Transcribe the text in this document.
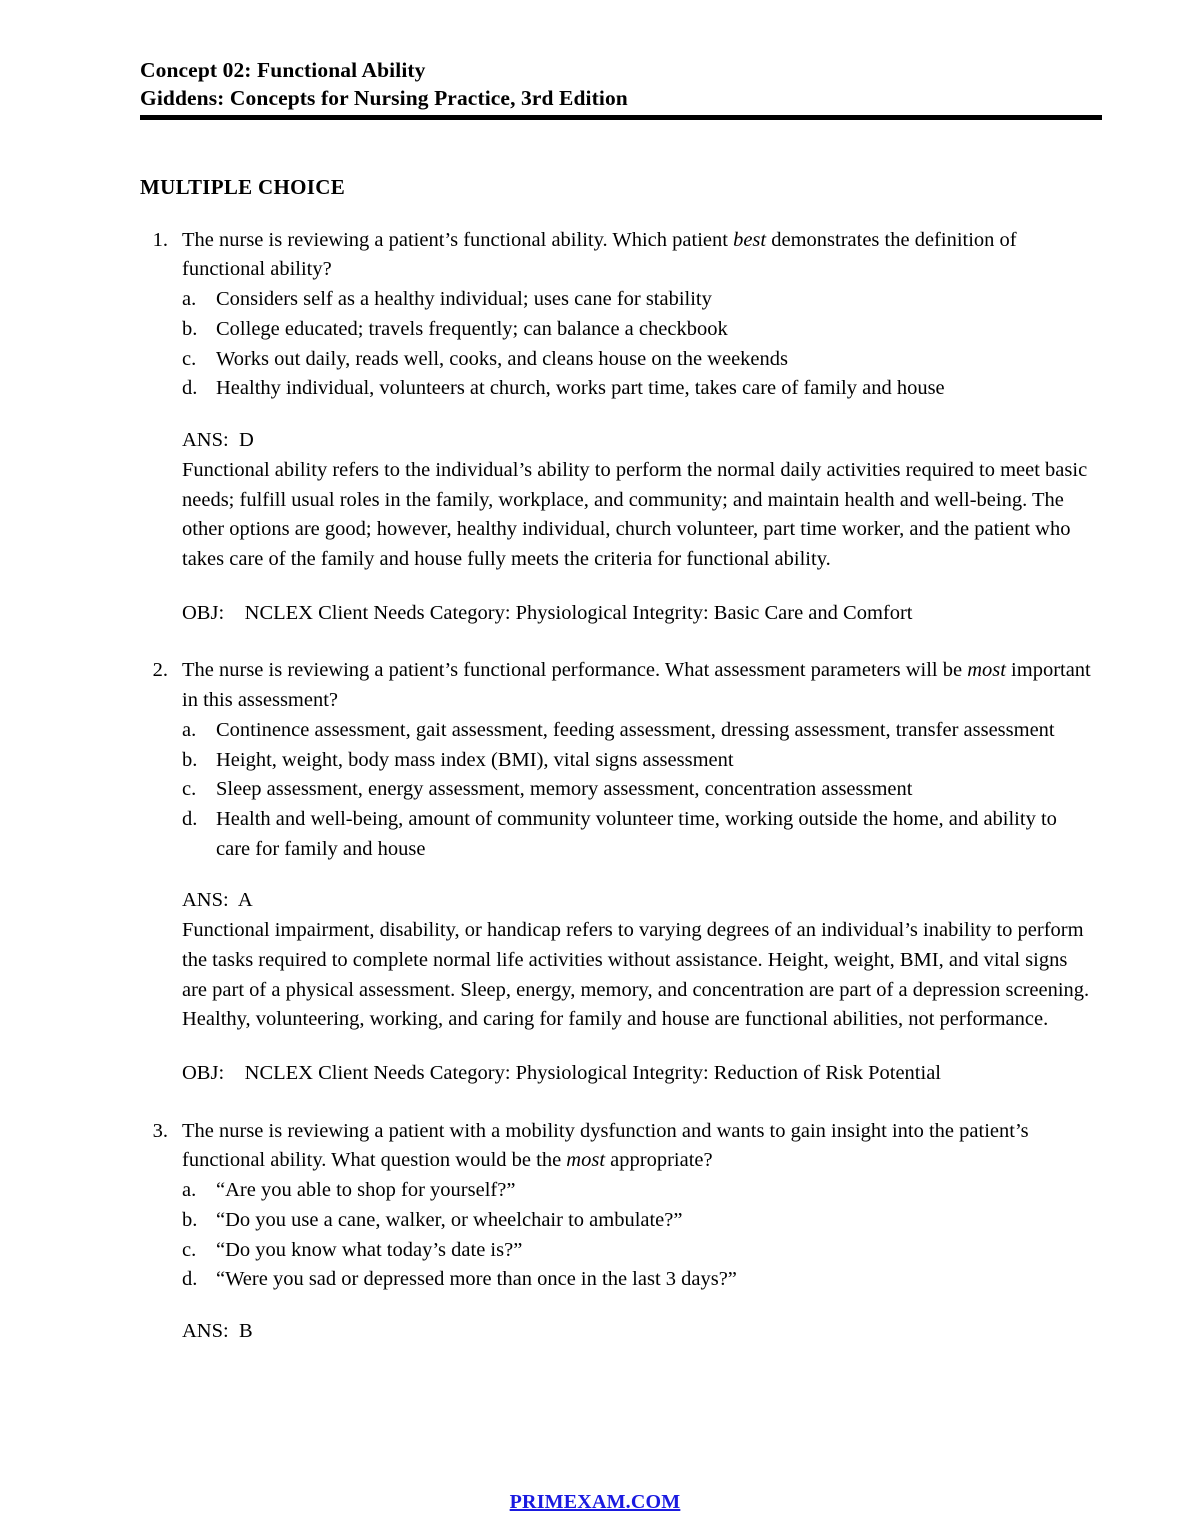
Concept 02: Functional Ability
Giddens: Concepts for Nursing Practice, 3rd Edition
MULTIPLE CHOICE
1. The nurse is reviewing a patient’s functional ability. Which patient best demonstrates the definition of functional ability?
a. Considers self as a healthy individual; uses cane for stability
b. College educated; travels frequently; can balance a checkbook
c. Works out daily, reads well, cooks, and cleans house on the weekends
d. Healthy individual, volunteers at church, works part time, takes care of family and house
ANS:  D
Functional ability refers to the individual’s ability to perform the normal daily activities required to meet basic needs; fulfill usual roles in the family, workplace, and community; and maintain health and well-being. The other options are good; however, healthy individual, church volunteer, part time worker, and the patient who takes care of the family and house fully meets the criteria for functional ability.
OBJ:    NCLEX Client Needs Category: Physiological Integrity: Basic Care and Comfort
2. The nurse is reviewing a patient’s functional performance. What assessment parameters will be most important in this assessment?
a. Continence assessment, gait assessment, feeding assessment, dressing assessment, transfer assessment
b. Height, weight, body mass index (BMI), vital signs assessment
c. Sleep assessment, energy assessment, memory assessment, concentration assessment
d. Health and well-being, amount of community volunteer time, working outside the home, and ability to care for family and house
ANS:  A
Functional impairment, disability, or handicap refers to varying degrees of an individual’s inability to perform the tasks required to complete normal life activities without assistance. Height, weight, BMI, and vital signs are part of a physical assessment. Sleep, energy, memory, and concentration are part of a depression screening. Healthy, volunteering, working, and caring for family and house are functional abilities, not performance.
OBJ:    NCLEX Client Needs Category: Physiological Integrity: Reduction of Risk Potential
3. The nurse is reviewing a patient with a mobility dysfunction and wants to gain insight into the patient’s functional ability. What question would be the most appropriate?
a. “Are you able to shop for yourself?”
b. “Do you use a cane, walker, or wheelchair to ambulate?”
c. “Do you know what today’s date is?”
d. “Were you sad or depressed more than once in the last 3 days?”
ANS:  B
PRIMEXAM.COM
